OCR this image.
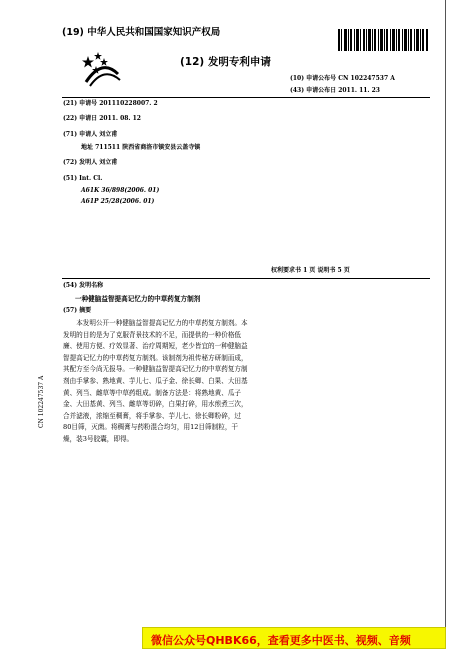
(19) 中华人民共和国国家知识产权局
(12) 发明专利申请
(10) 申请公布号 CN 102247537 A
(43) 申请公布日 2011. 11. 23
(21) 申请号 201110228007. 2
(22) 申请日 2011. 08. 12
(71) 申请人 刘立甫
地址 711511 陕西省商洛市镇安县云盖寺镇
(72) 发明人 刘立甫
(51) Int. Cl.
A61K 36/898(2006. 01)
A61P 25/28(2006. 01)
权利要求书 1 页 说明书 5 页
(54) 发明名称
一种健脑益智提高记忆力的中草药复方制剂
(57) 摘要

本发明公开一种健脑益智提高记忆力的中草药复方制剂。本发明的目的是为了克服背景技术的不足，而提供的一种价格低廉、使用方便、疗效显著、治疗周期短，老少皆宜的一种健脑益智提高记忆力的中草药复方制剂。该制剂为祖传秘方研制而成，其配方至今尚无报导。一种健脑益智提高记忆力的中草药复方制剂由手掌参、熟地黄、芋儿七、瓜子金、徐长卿、白果、大田基黄、列当、雌草等中草药组成。制备方法是：将熟地黄、瓜子金、大田基黄、列当、雌草等切碎，白果打碎，用水煎煮三次，合并滤液，浓缩至稠膏，将手掌参、芋儿七、徐长卿粉碎，过80目筛，灭菌。将稠膏与药粉混合均匀，用12目筛制粒，干燥，装3号胶囊，即得。

CN 102247537 A
微信公众号QHBK66，查看更多中医书、视频、音频
